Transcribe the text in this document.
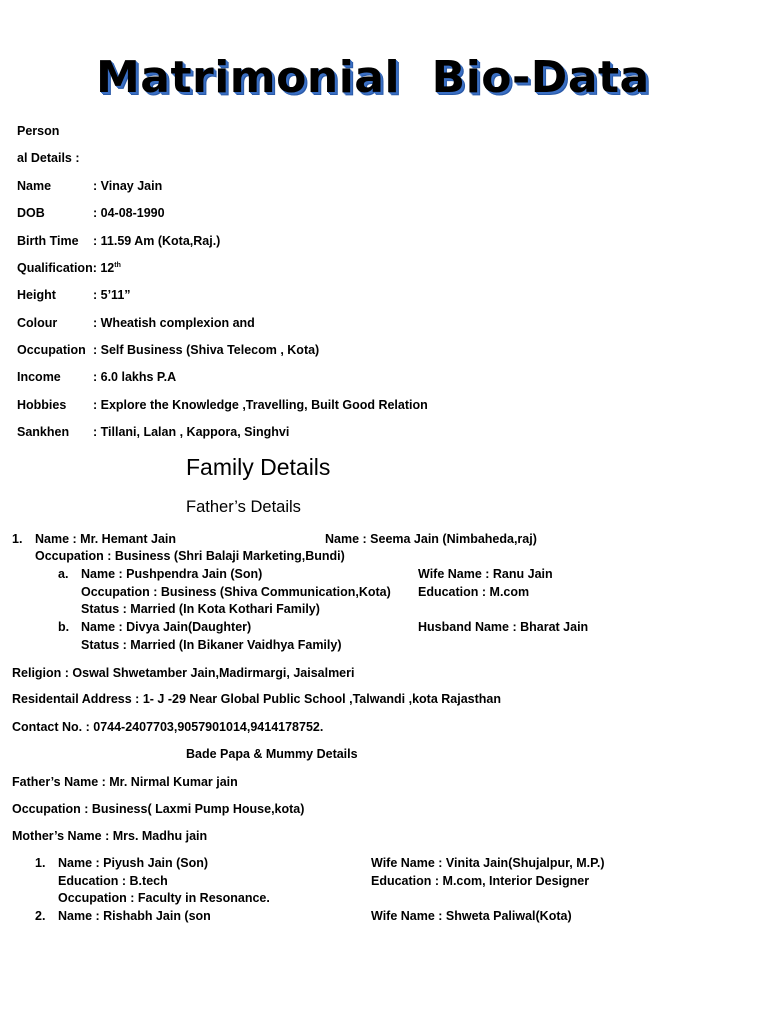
Matrimonial  Bio-Data
Person
al Details :
Name	: Vinay Jain
DOB	: 04-08-1990
Birth Time : 11.59 Am (Kota,Raj.)
Qualification: 12th
Height	: 5’11”
Colour	: Wheatish complexion and
Occupation : Self Business (Shiva Telecom , Kota)
Income	: 6.0 lakhs P.A
Hobbies : Explore the Knowledge ,Travelling, Built Good Relation
Sankhen : Tillani, Lalan , Kappora, Singhvi
Family Details
Father’s Details
1. Name : Mr. Hemant Jain	Name : Seema Jain (Nimbaheda,raj)
Occupation : Business (Shri Balaji Marketing,Bundi)
a. Name : Pushpendra Jain (Son)	Wife Name : Ranu Jain
Occupation : Business (Shiva Communication,Kota) Education : M.com
Status : Married (In Kota Kothari Family)
b. Name : Divya Jain(Daughter)	Husband Name : Bharat Jain
Status : Married (In Bikaner Vaidhya Family)
Religion : Oswal Shwetamber Jain,Madirmargi, Jaisalmeri
Residentail Address : 1- J -29 Near Global Public School ,Talwandi ,kota Rajasthan
Contact No. : 0744-2407703,9057901014,9414178752.
Bade Papa & Mummy Details
Father’s Name : Mr. Nirmal Kumar jain
Occupation : Business( Laxmi Pump House,kota)
Mother’s Name : Mrs. Madhu jain
1. Name : Piyush Jain (Son)	Wife Name : Vinita Jain(Shujalpur, M.P.)
Education : B.tech	Education : M.com, Interior Designer
Occupation : Faculty in Resonance.
2. Name : Rishabh Jain (son	Wife Name : Shweta Paliwal(Kota)
